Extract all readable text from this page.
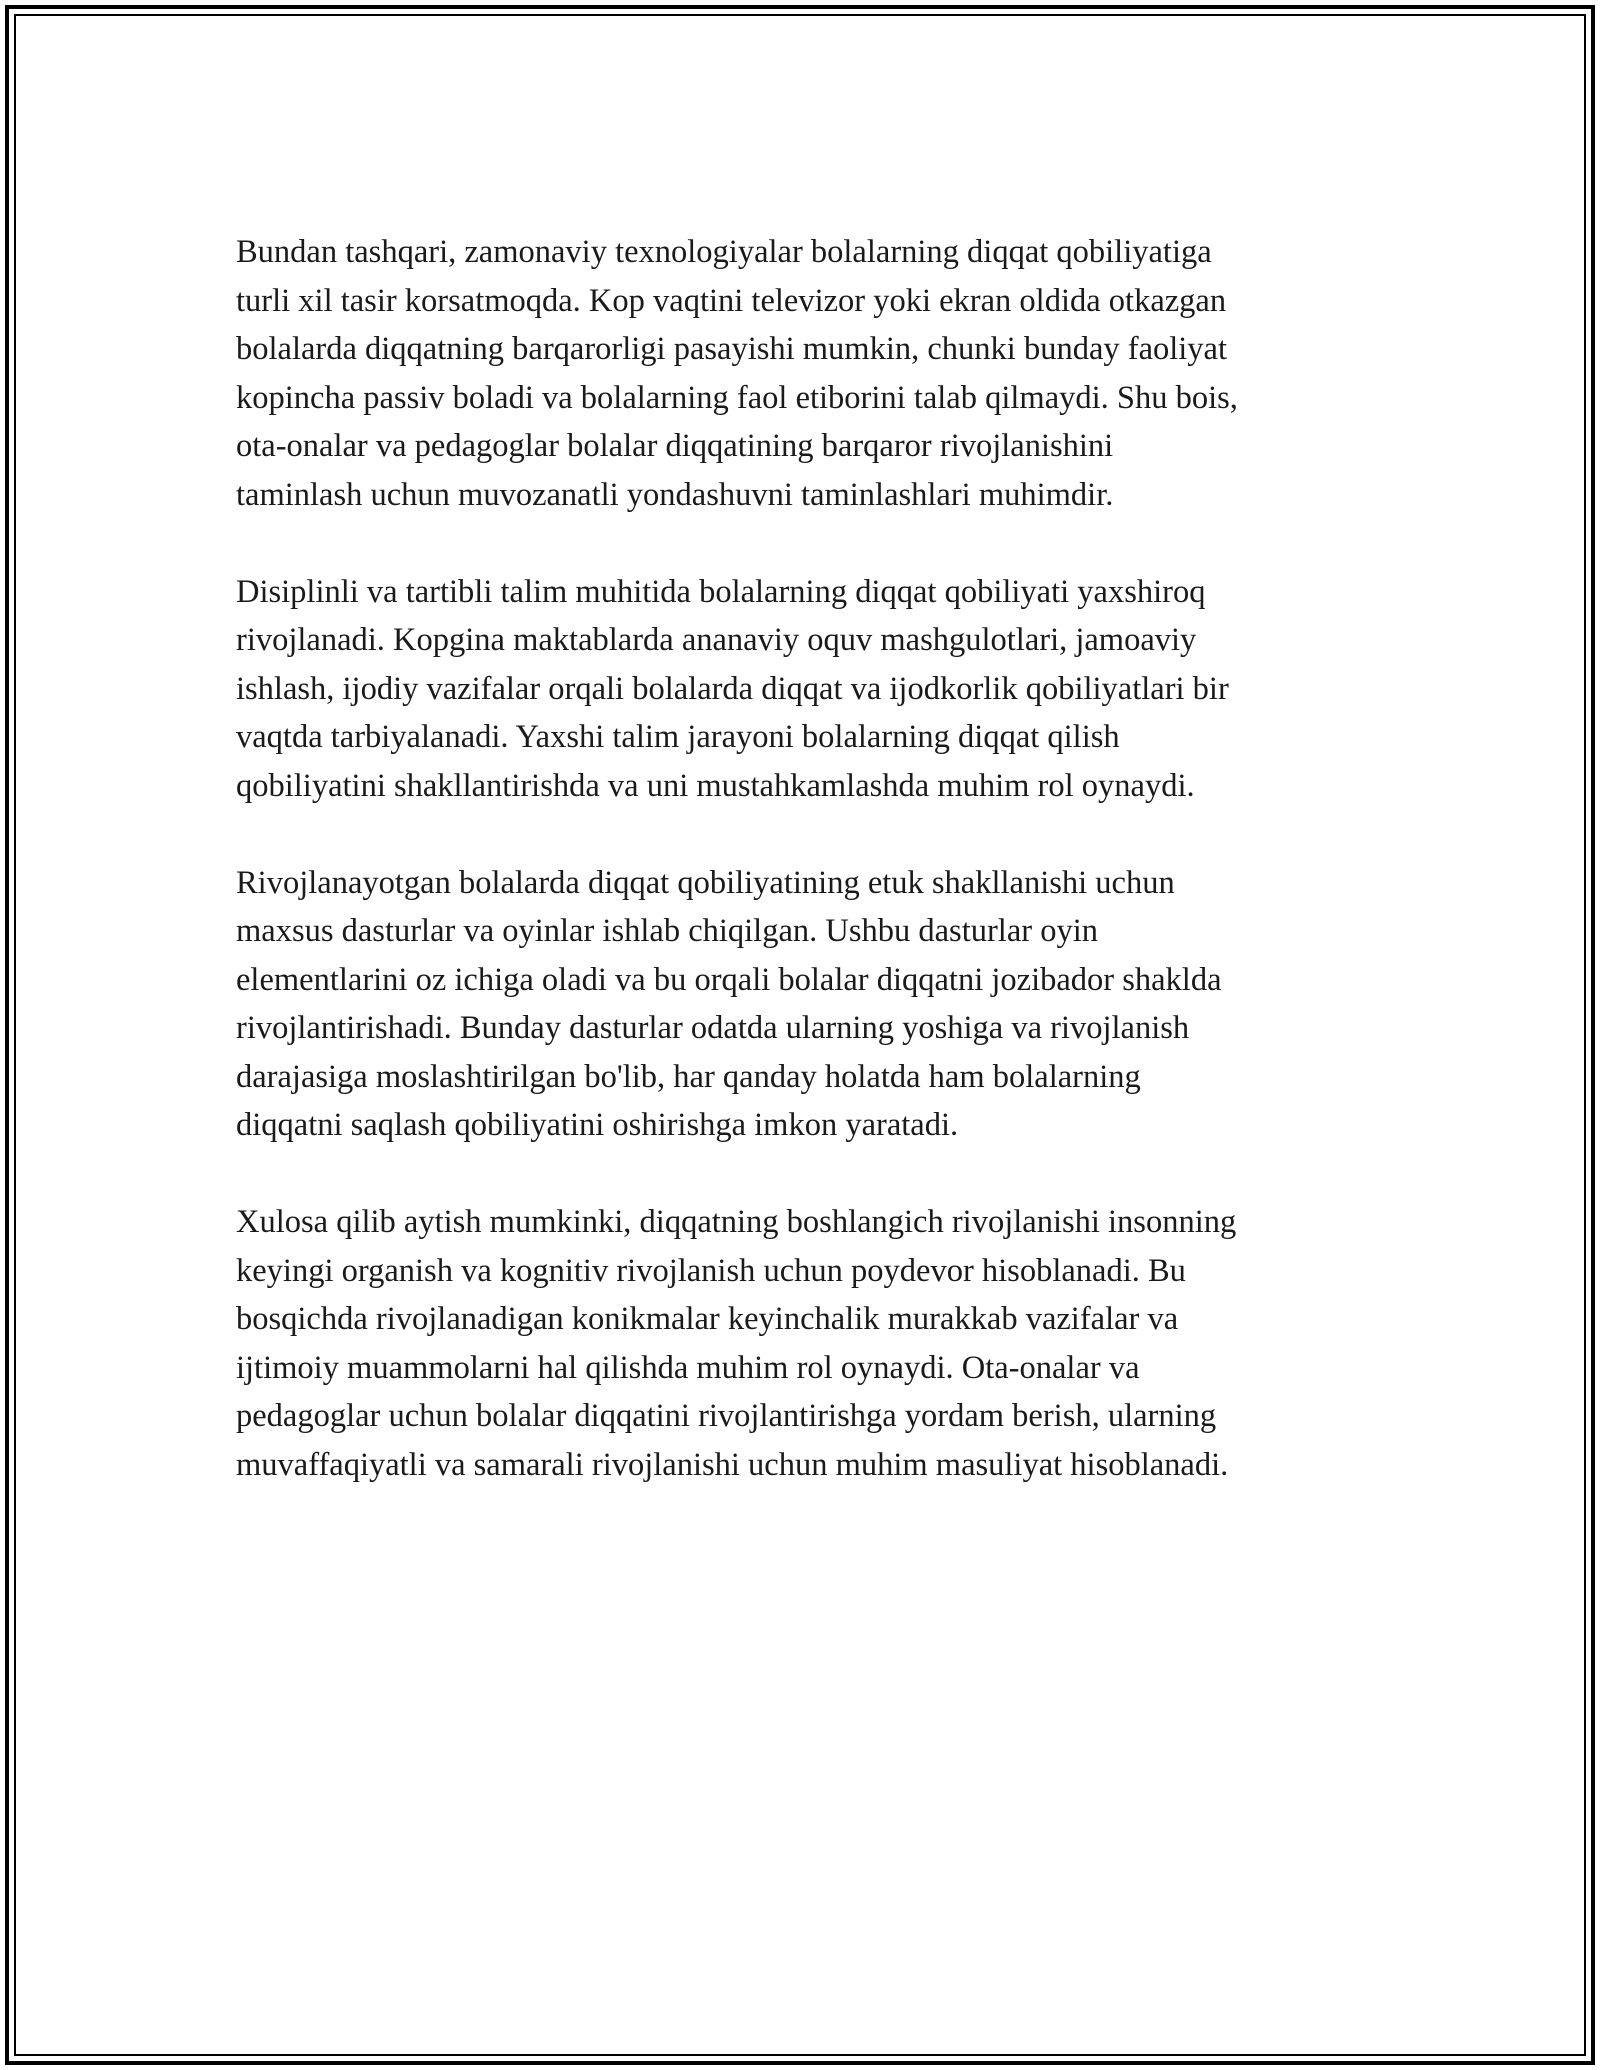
Bundan tashqari, zamonaviy texnologiyalar bolalarning diqqat qobiliyatiga
turli xil tasir korsatmoqda. Kop vaqtini televizor yoki ekran oldida otkazgan
bolalarda diqqatning barqarorligi pasayishi mumkin, chunki bunday faoliyat
kopincha passiv boladi va bolalarning faol etiborini talab qilmaydi. Shu bois,
ota-onalar va pedagoglar bolalar diqqatining barqaror rivojlanishini
taminlash uchun muvozanatli yondashuvni taminlashlari muhimdir.

Disiplinli va tartibli talim muhitida bolalarning diqqat qobiliyati yaxshiroq
rivojlanadi. Kopgina maktablarda ananaviy oquv mashgulotlari, jamoaviy
ishlash, ijodiy vazifalar orqali bolalarda diqqat va ijodkorlik qobiliyatlari bir
vaqtda tarbiyalanadi. Yaxshi talim jarayoni bolalarning diqqat qilish
qobiliyatini shakllantirishda va uni mustahkamlashda muhim rol oynaydi.

Rivojlanayotgan bolalarda diqqat qobiliyatining etuk shakllanishi uchun
maxsus dasturlar va oyinlar ishlab chiqilgan. Ushbu dasturlar oyin
elementlarini oz ichiga oladi va bu orqali bolalar diqqatni jozibador shaklda
rivojlantirishadi. Bunday dasturlar odatda ularning yoshiga va rivojlanish
darajasiga moslashtirilgan bo'lib, har qanday holatda ham bolalarning
diqqatni saqlash qobiliyatini oshirishga imkon yaratadi.

Xulosa qilib aytish mumkinki, diqqatning boshlangich rivojlanishi insonning
keyingi organish va kognitiv rivojlanish uchun poydevor hisoblanadi. Bu
bosqichda rivojlanadigan konikmalar keyinchalik murakkab vazifalar va
ijtimoiy muammolarni hal qilishda muhim rol oynaydi. Ota-onalar va
pedagoglar uchun bolalar diqqatini rivojlantirishga yordam berish, ularning
muvaffaqiyatli va samarali rivojlanishi uchun muhim masuliyat hisoblanadi.
